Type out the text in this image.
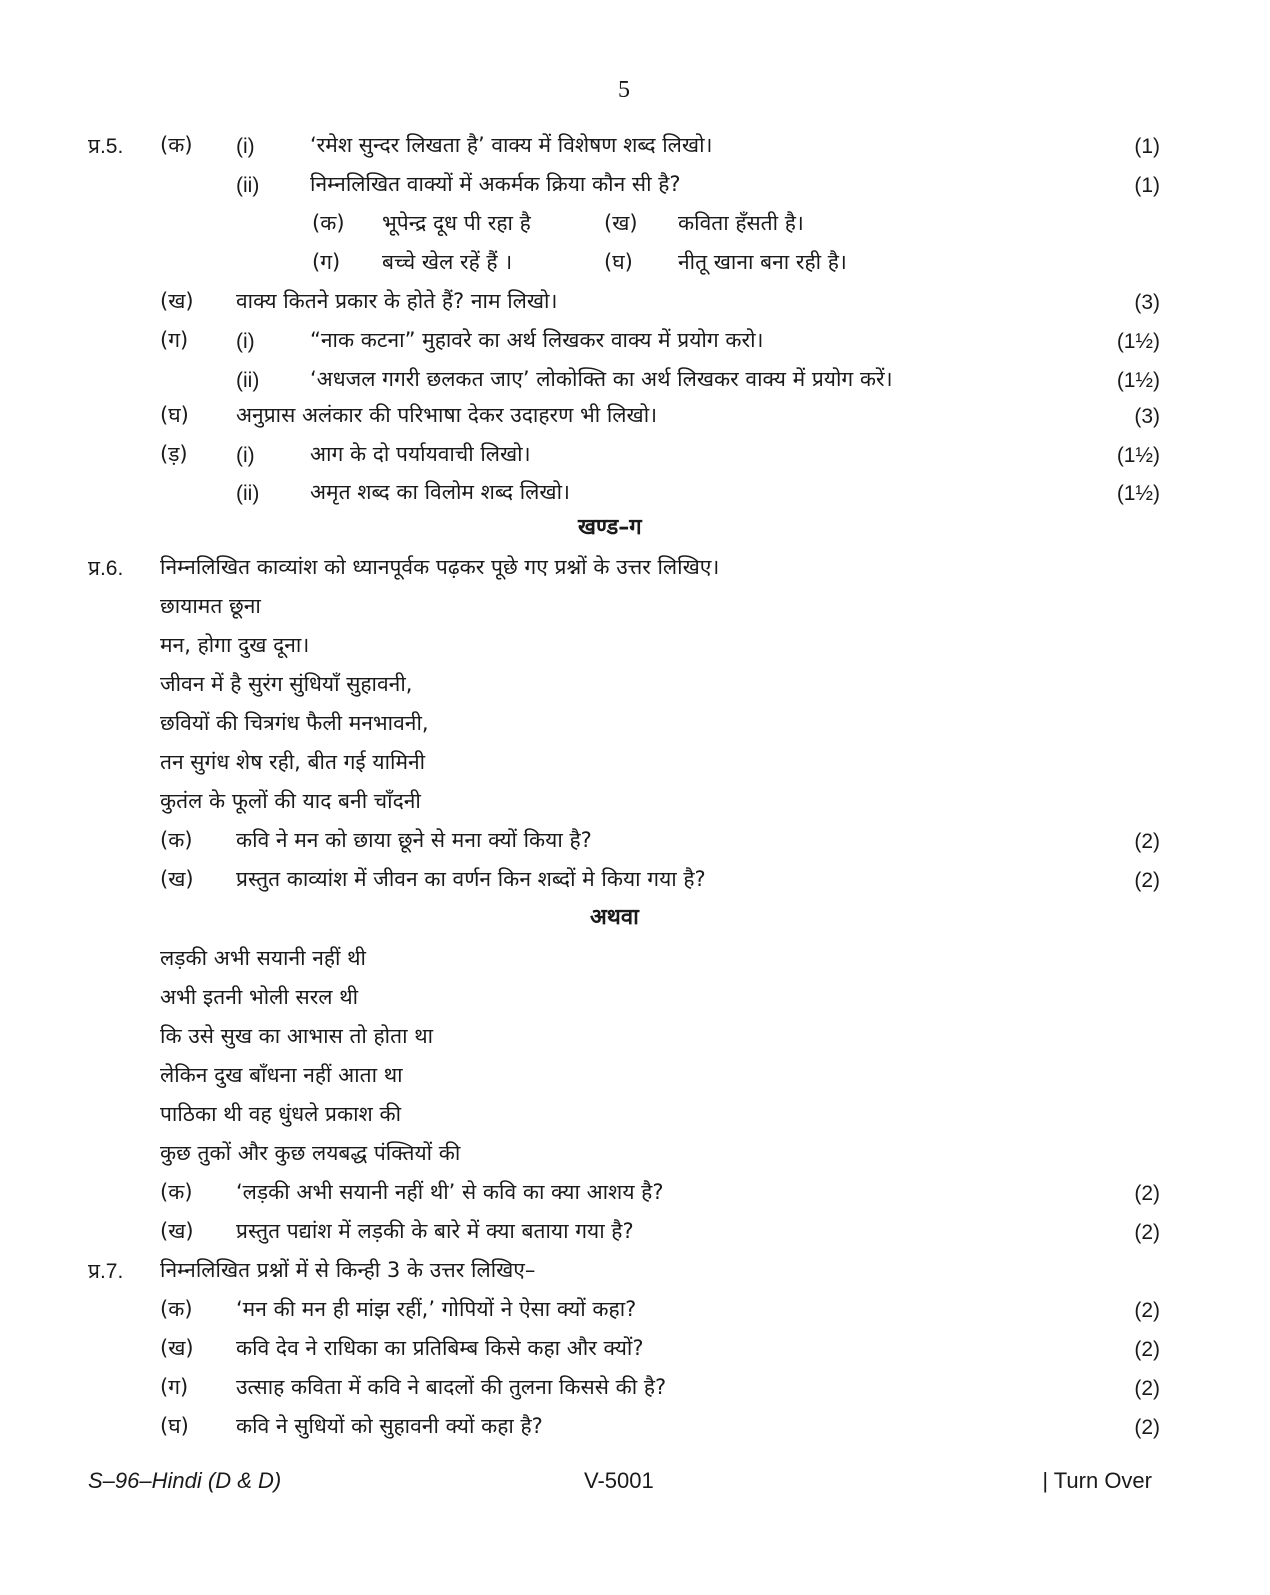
5
प्र.5. (क) (i)	‘रमेश सुन्दर लिखता है’ वाक्य में विशेषण शब्द लिखो।	(1)
(ii) निम्नलिखित वाक्यों में अकर्मक क्रिया कौन सी है?	(1)
(क) भूपेन्द्र दूध पी रहा है	(ख) कविता हँसती है।
(ग) बच्चे खेल रहें हैं ।	(घ) नीतू खाना बना रही है।
(ख) वाक्य कितने प्रकार के होते हैं? नाम लिखो।	(3)
(ग) (i)	“नाक कटना” मुहावरे का अर्थ लिखकर वाक्य में प्रयोग करो।	(1½)
(ii) ‘अधजल गगरी छलकत जाए’ लोकोक्ति का अर्थ लिखकर वाक्य में प्रयोग करें।	(1½)
(घ) अनुप्रास अलंकार की परिभाषा देकर उदाहरण भी लिखो।	(3)
(ड़) (i)	आग के दो पर्यायवाची लिखो।	(1½)
(ii) अमृत शब्द का विलोम शब्द लिखो।	(1½)
खण्ड–ग
प्र.6. निम्नलिखित काव्यांश को ध्यानपूर्वक पढ़कर पूछे गए प्रश्नों के उत्तर लिखिए।
छायामत छूना
मन, होगा दुख दूना।
जीवन में है सुरंग सुंधियाँ सुहावनी,
छवियों की चित्रगंध फैली मनभावनी,
तन सुगंध शेष रही, बीत गई यामिनी
कुतंल के फूलों की याद बनी चाँदनी
(क) कवि ने मन को छाया छूने से मना क्यों किया है?	(2)
(ख) प्रस्तुत काव्यांश में जीवन का वर्णन किन शब्दों मे किया गया है?	(2)
अथवा
लड़की अभी सयानी नहीं थी
अभी इतनी भोली सरल थी
कि उसे सुख का आभास तो होता था
लेकिन दुख बाँधना नहीं आता था
पाठिका थी वह धुंधले प्रकाश की
कुछ तुकों और कुछ लयबद्ध पंक्तियों की
(क) ‘लड़की अभी सयानी नहीं थी’ से कवि का क्या आशय है?	(2)
(ख) प्रस्तुत पद्यांश में लड़की के बारे में क्या बताया गया है?	(2)
प्र.7. निम्नलिखित प्रश्नों में से किन्ही 3 के उत्तर लिखिए–
(क) ‘मन की मन ही मांझ रहीं,’ गोपियों ने ऐसा क्यों कहा?	(2)
(ख) कवि देव ने राधिका का प्रतिबिम्ब किसे कहा और क्यों?	(2)
(ग) उत्साह कविता में कवि ने बादलों की तुलना किससे की है?	(2)
(घ) कवि ने सुधियों को सुहावनी क्यों कहा है?	(2)
S–96–Hindi (D & D)	V-5001	| Turn Over
